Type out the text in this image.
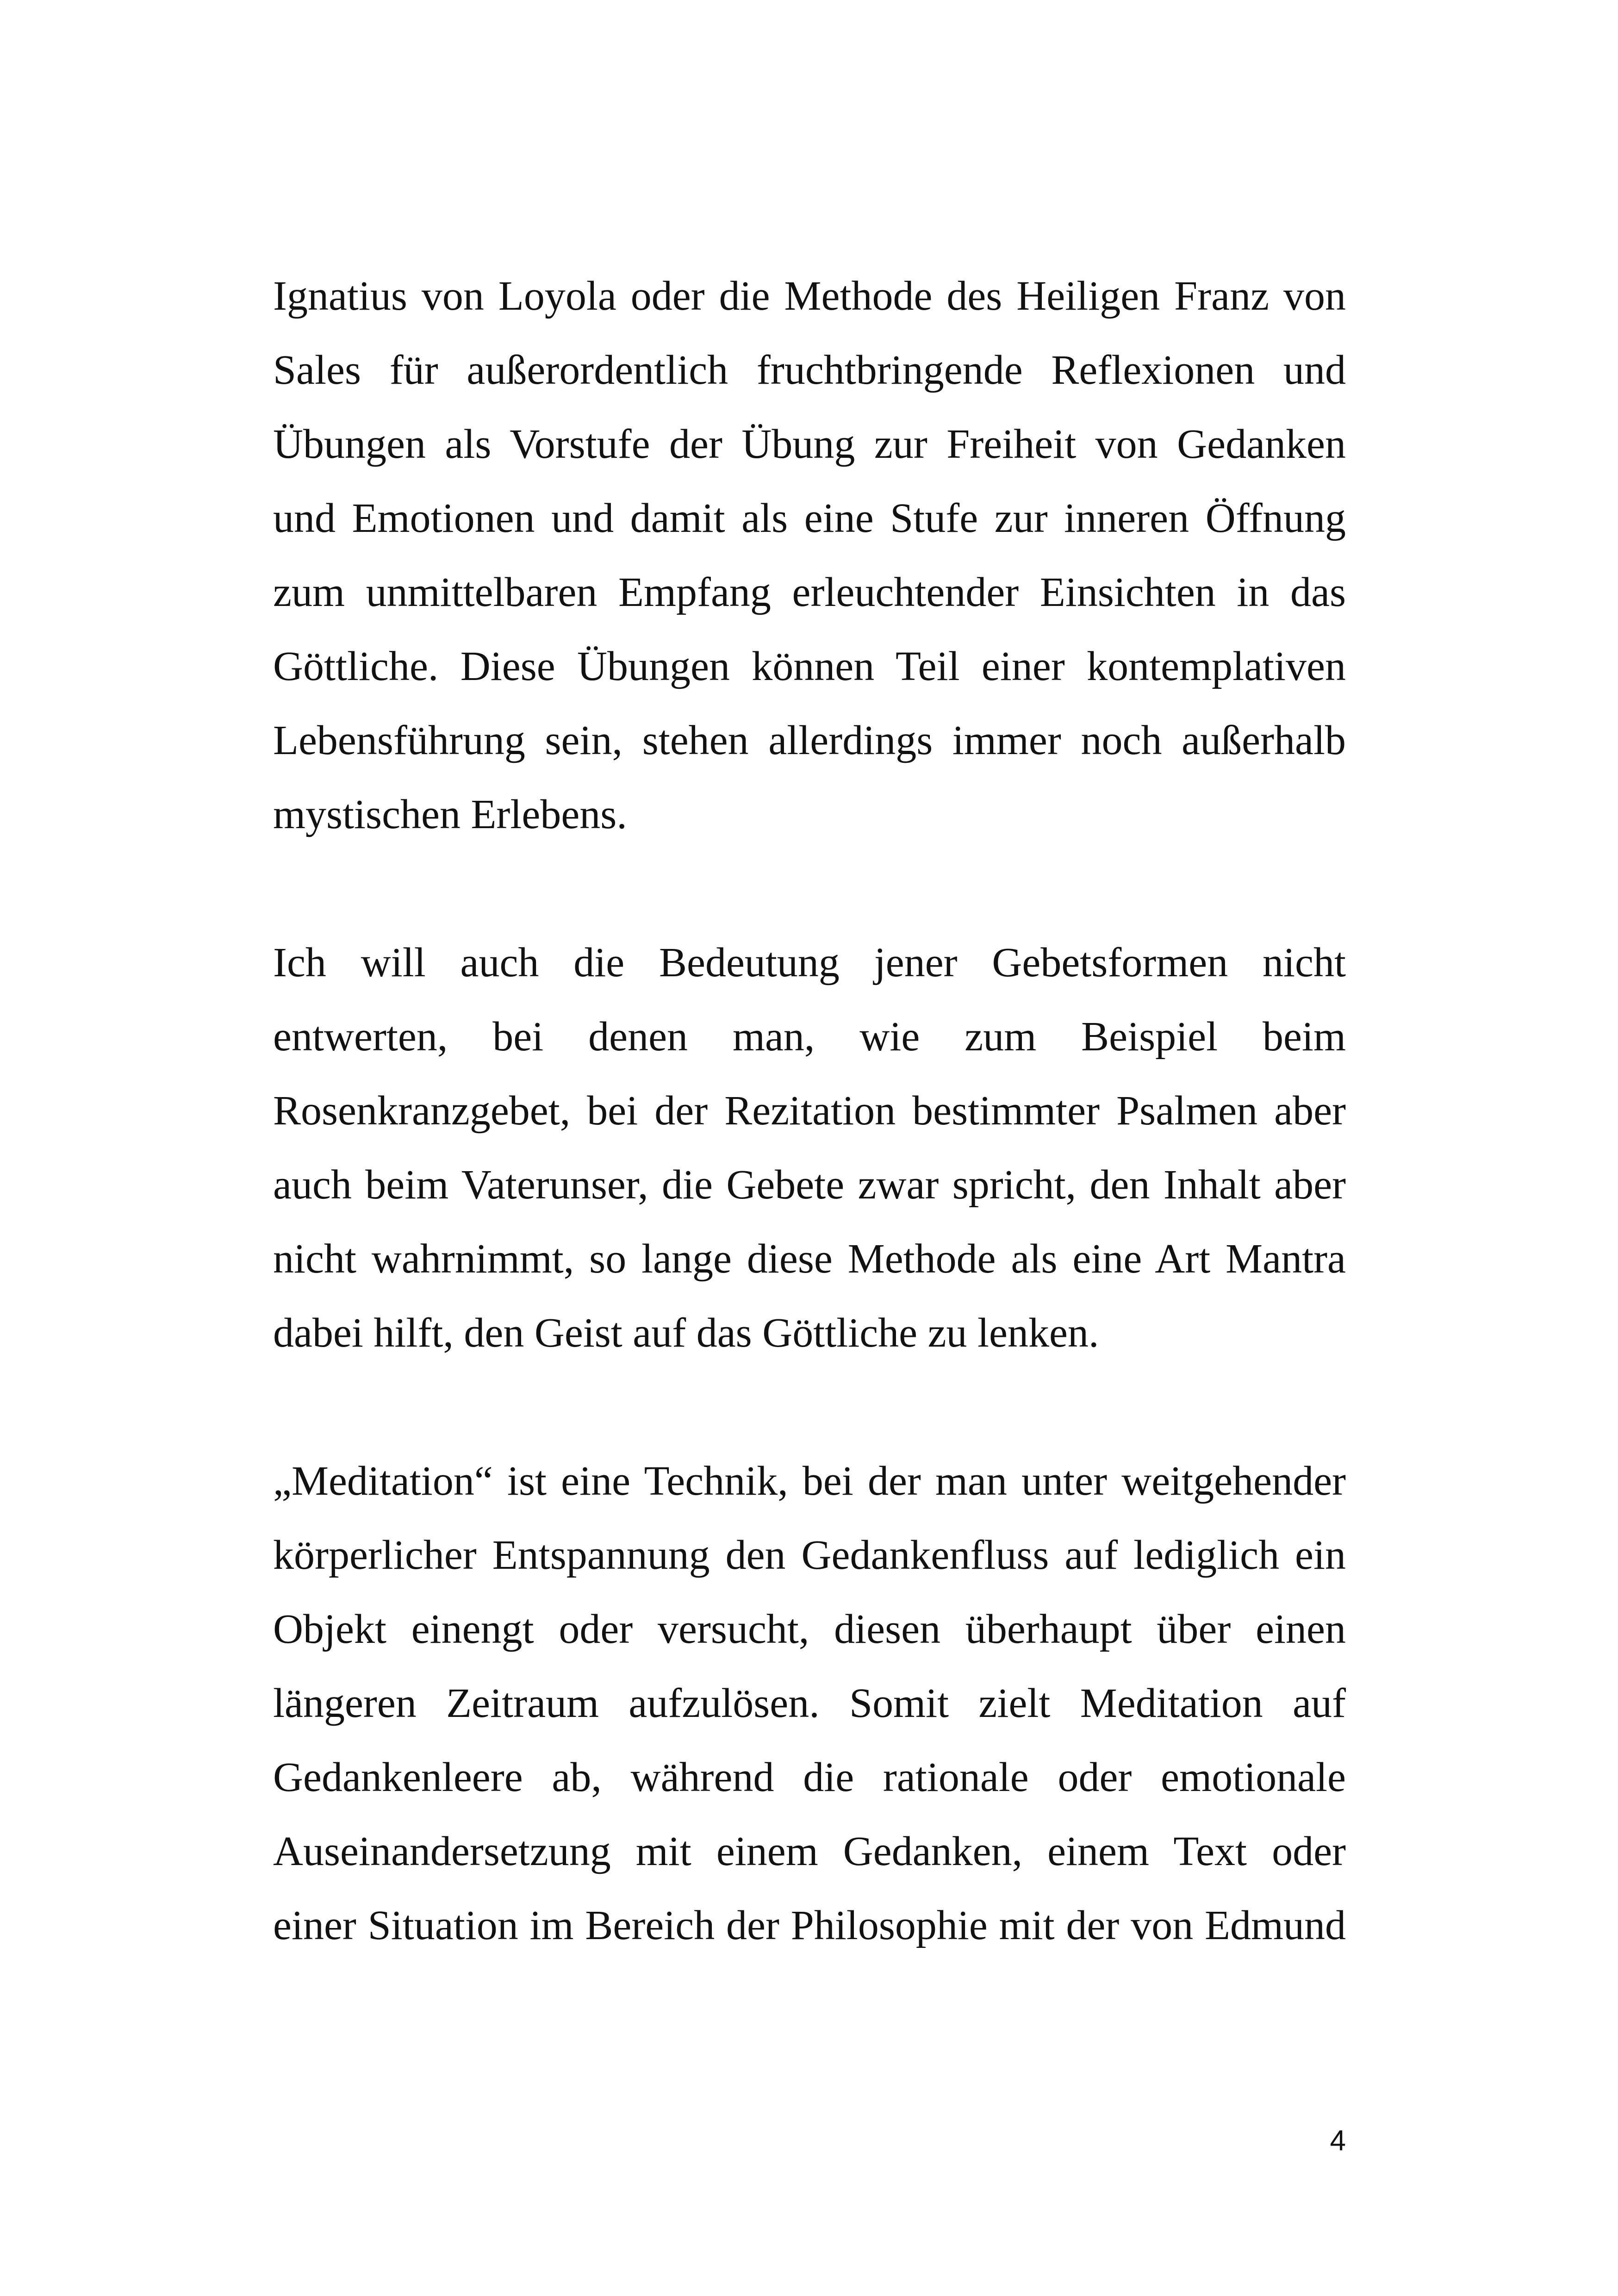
Ignatius von Loyola oder die Methode des Heiligen Franz von
Sales für außerordentlich fruchtbringende Reflexionen und
Übungen als Vorstufe der Übung zur Freiheit von Gedanken
und Emotionen und damit als eine Stufe zur inneren Öffnung
zum unmittelbaren Empfang erleuchtender Einsichten in das
Göttliche. Diese Übungen können Teil einer kontemplativen
Lebensführung sein, stehen allerdings immer noch außerhalb
mystischen Erlebens.

Ich will auch die Bedeutung jener Gebetsformen nicht
entwerten, bei denen man, wie zum Beispiel beim
Rosenkranzgebet, bei der Rezitation bestimmter Psalmen aber
auch beim Vaterunser, die Gebete zwar spricht, den Inhalt aber
nicht wahrnimmt, so lange diese Methode als eine Art Mantra
dabei hilft, den Geist auf das Göttliche zu lenken.

„Meditation“ ist eine Technik, bei der man unter weitgehender
körperlicher Entspannung den Gedankenfluss auf lediglich ein
Objekt einengt oder versucht, diesen überhaupt über einen
längeren Zeitraum aufzulösen. Somit zielt Meditation auf
Gedankenleere ab, während die rationale oder emotionale
Auseinandersetzung mit einem Gedanken, einem Text oder
einer Situation im Bereich der Philosophie mit der von Edmund

4
